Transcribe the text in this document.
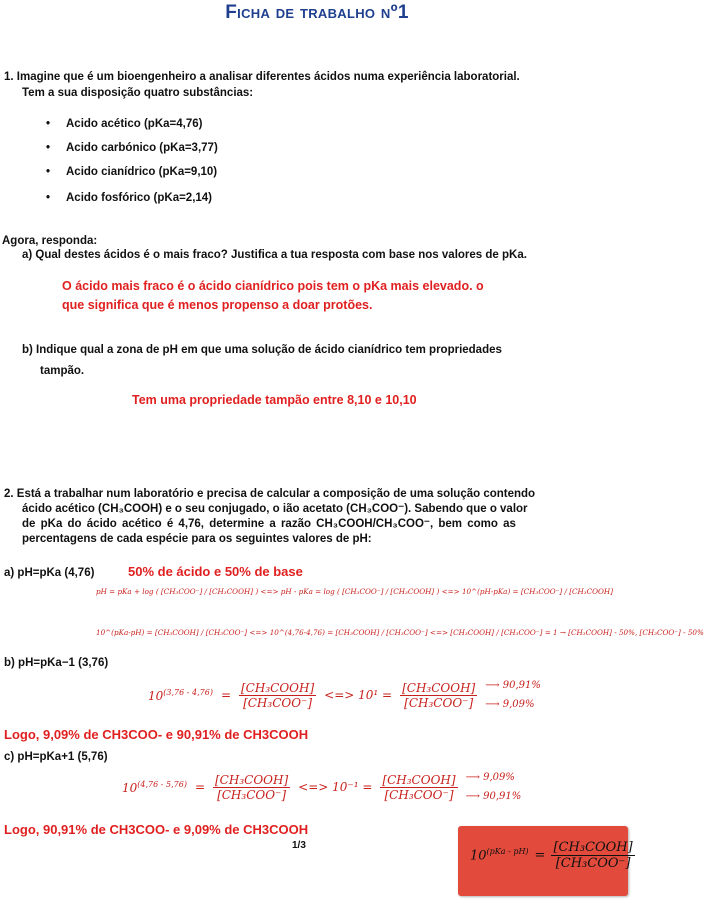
Ficha de trabalho nº1
1. Imagine que é um bioengenheiro a analisar diferentes ácidos numa experiência laboratorial.
Tem a sua disposição quatro substâncias:
• Acido acético (pKa=4,76)
• Acido carbónico (pKa=3,77)
• Acido cianídrico (pKa=9,10)
• Acido fosfórico (pKa=2,14)
Agora, responda:
a) Qual destes ácidos é o mais fraco? Justifica a tua resposta com base nos valores de pKa.
O ácido mais fraco é o ácido cianídrico pois tem o pKa mais elevado. o
que significa que é menos propenso a doar protões.
b) Indique qual a zona de pH em que uma solução de ácido cianídrico tem propriedades
tampão.
Tem uma propriedade tampão entre 8,10 e 10,10
2. Está a trabalhar num laboratório e precisa de calcular a composição de uma solução contendo
ácido acético (CH₃COOH) e o seu conjugado, o ião acetato (CH₃COO⁻). Sabendo que o valor
de pKa do ácido acético é 4,76, determine a razão CH₃COOH/CH₃COO⁻, bem como as
percentagens de cada espécie para os seguintes valores de pH:
a) pH=pKa (4,76)	50% de ácido e 50% de base
pH = pKa + log ( [CH₃COO⁻] / [CH₃COOH] ) <=> pH - pKa = log ( [CH₃COO⁻] / [CH₃COOH] ) <=> 10^(pH-pKa) = [CH₃COO⁻] / [CH₃COOH]
10^(pKa-pH) = [CH₃COOH] / [CH₃COO⁻] <=> 10^(4,76-4,76) = [CH₃COOH] / [CH₃COO⁻] <=> [CH₃COOH] / [CH₃COO⁻] = 1 → [CH₃COOH] - 50%, [CH₃COO⁻] - 50%
b) pH=pKa−1 (3,76)
$10^{(3,76 - 4,76)} = \frac{\text{[CH₃COOH]}}{\text{[CH₃COO⁻]}}$ <=> $10^1 = \frac{\text{[CH₃COOH]}}{\text{[CH₃COO⁻]}}$ ⟶ 90,91%
⟶ 9,09%
Logo, 9,09% de CH3COO- e 90,91% de CH3COOH
c) pH=pKa+1 (5,76)
$10^{(4,76 - 5,76)} = \frac{\text{[CH₃COOH]}}{\text{[CH₃COO⁻]}}$ <=> $10^{-1} = \frac{\text{[CH₃COOH]}}{\text{[CH₃COO⁻]}}$ ⟶ 9,09%
⟶ 90,91%
Logo, 90,91% de CH3COO- e 9,09% de CH3COOH
1/3
$10^{(pKa - pH)} = \frac{\text{[CH₃COOH]}}{\text{[CH₃COO⁻]}}$
